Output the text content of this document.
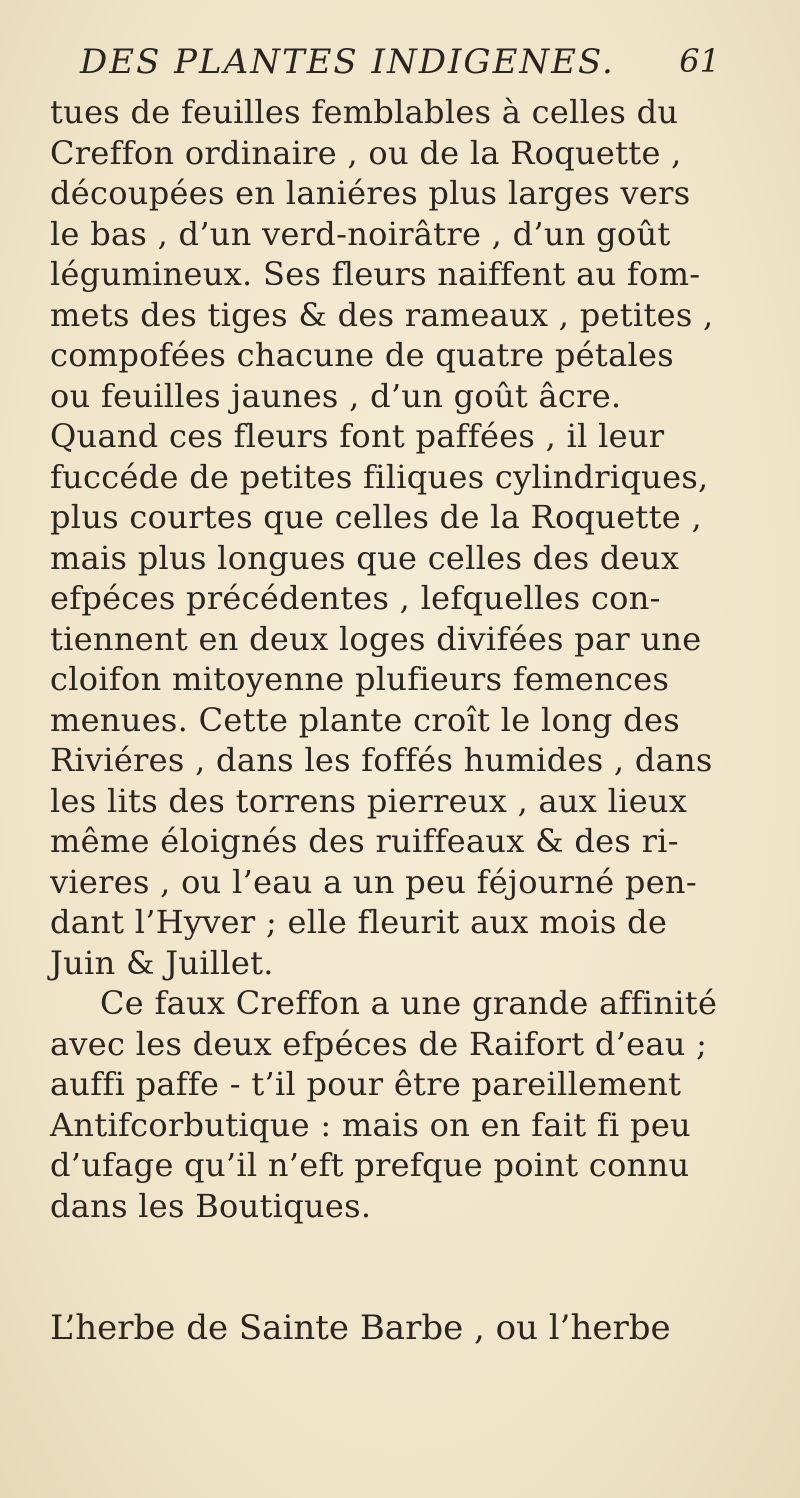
DES PLANTES INDIGENES. 61
tues de feuilles femblables à celles du
Creffon ordinaire , ou de la Roquette ,
découpées en laniéres plus larges vers
le bas , d’un verd-noirâtre , d’un goût
légumineux. Ses fleurs naiffent au fom-
mets des tiges & des rameaux , petites ,
compofées chacune de quatre pétales
ou feuilles jaunes , d’un goût âcre.
Quand ces fleurs font paffées , il leur
fuccéde de petites filiques cylindriques,
plus courtes que celles de la Roquette ,
mais plus longues que celles des deux
efpéces précédentes , lefquelles con-
tiennent en deux loges divifées par une
cloifon mitoyenne plufieurs femences
menues. Cette plante croît le long des
Riviéres , dans les foffés humides , dans
les lits des torrens pierreux , aux lieux
même éloignés des ruiffeaux & des ri-
vieres , ou l’eau a un peu féjourné pen-
dant l’Hyver ; elle fleurit aux mois de
Juin & Juillet.
Ce faux Creffon a une grande affinité
avec les deux efpéces de Raifort d’eau ;
auffi paffe - t’il pour être pareillement
Antifcorbutique : mais on en fait fi peu
d’ufage qu’il n’eft prefque point connu
dans les Boutiques.
L’herbe de Sainte Barbe , ou l’herbe
